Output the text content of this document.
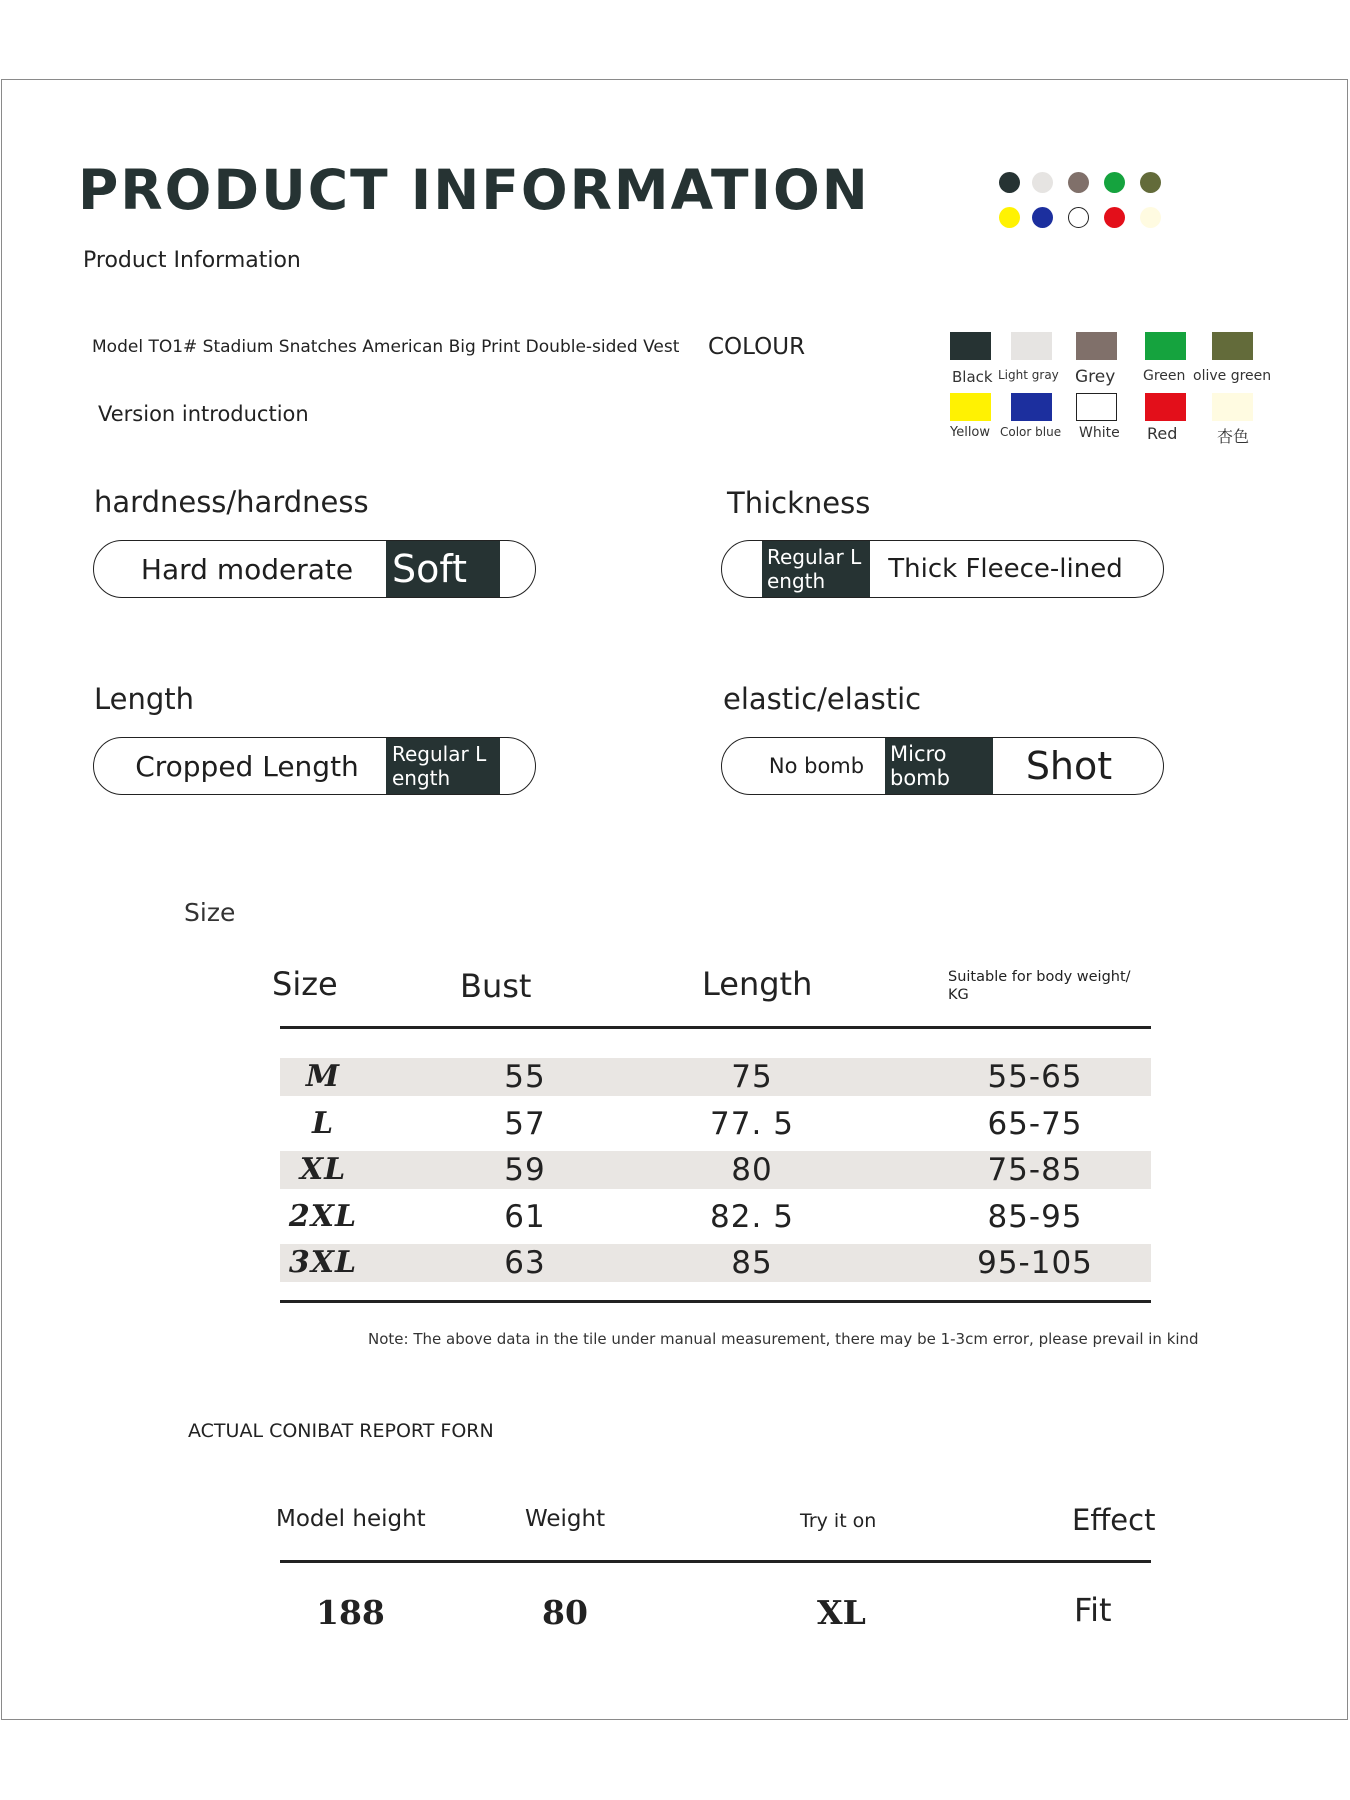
PRODUCT INFORMATION
Product Information
Model TO1# Stadium Snatches American Big Print Double-sided Vest
Version introduction
COLOUR
Black Light gray Grey Green olive green
Yellow Color blue White Red 杏色
hardness/hardness
Hard moderate Soft
Thickness
Regular L ength	Thick Fleece-lined
Length
Cropped Length Regular L ength
elastic/elastic
No bomb Micro bomb	Shot
Size
Size	Bust	Length	Suitable for body weight/ KG
M	55	75	55-65
L	57	77. 5	65-75
XL	59	80	75-85
2XL	61	82. 5	85-95
3XL	63	85	95-105
Note: The above data in the tile under manual measurement, there may be 1-3cm error, please prevail in kind
ACTUAL CONIBAT REPORT FORN
Model height	Weight	Try it on	Effect
188	80	XL	Fit
